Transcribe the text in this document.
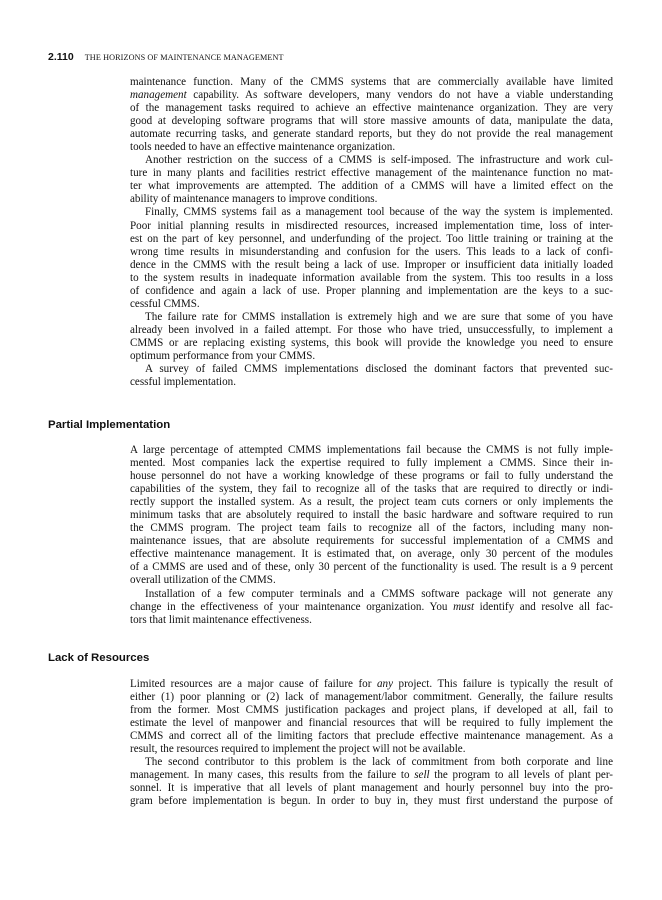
2.110 THE HORIZONS OF MAINTENANCE MANAGEMENT
maintenance function. Many of the CMMS systems that are commercially available have limited
management capability. As software developers, many vendors do not have a viable understanding
of the management tasks required to achieve an effective maintenance organization. They are very
good at developing software programs that will store massive amounts of data, manipulate the data,
automate recurring tasks, and generate standard reports, but they do not provide the real management
tools needed to have an effective maintenance organization.
Another restriction on the success of a CMMS is self-imposed. The infrastructure and work cul-
ture in many plants and facilities restrict effective management of the maintenance function no mat-
ter what improvements are attempted. The addition of a CMMS will have a limited effect on the
ability of maintenance managers to improve conditions.
Finally, CMMS systems fail as a management tool because of the way the system is implemented.
Poor initial planning results in misdirected resources, increased implementation time, loss of inter-
est on the part of key personnel, and underfunding of the project. Too little training or training at the
wrong time results in misunderstanding and confusion for the users. This leads to a lack of confi-
dence in the CMMS with the result being a lack of use. Improper or insufficient data initially loaded
to the system results in inadequate information available from the system. This too results in a loss
of confidence and again a lack of use. Proper planning and implementation are the keys to a suc-
cessful CMMS.
The failure rate for CMMS installation is extremely high and we are sure that some of you have
already been involved in a failed attempt. For those who have tried, unsuccessfully, to implement a
CMMS or are replacing existing systems, this book will provide the knowledge you need to ensure
optimum performance from your CMMS.
A survey of failed CMMS implementations disclosed the dominant factors that prevented suc-
cessful implementation.
Partial Implementation
A large percentage of attempted CMMS implementations fail because the CMMS is not fully imple-
mented. Most companies lack the expertise required to fully implement a CMMS. Since their in-
house personnel do not have a working knowledge of these programs or fail to fully understand the
capabilities of the system, they fail to recognize all of the tasks that are required to directly or indi-
rectly support the installed system. As a result, the project team cuts corners or only implements the
minimum tasks that are absolutely required to install the basic hardware and software required to run
the CMMS program. The project team fails to recognize all of the factors, including many non-
maintenance issues, that are absolute requirements for successful implementation of a CMMS and
effective maintenance management. It is estimated that, on average, only 30 percent of the modules
of a CMMS are used and of these, only 30 percent of the functionality is used. The result is a 9 percent
overall utilization of the CMMS.
Installation of a few computer terminals and a CMMS software package will not generate any
change in the effectiveness of your maintenance organization. You must identify and resolve all fac-
tors that limit maintenance effectiveness.
Lack of Resources
Limited resources are a major cause of failure for any project. This failure is typically the result of
either (1) poor planning or (2) lack of management/labor commitment. Generally, the failure results
from the former. Most CMMS justification packages and project plans, if developed at all, fail to
estimate the level of manpower and financial resources that will be required to fully implement the
CMMS and correct all of the limiting factors that preclude effective maintenance management. As a
result, the resources required to implement the project will not be available.
The second contributor to this problem is the lack of commitment from both corporate and line
management. In many cases, this results from the failure to sell the program to all levels of plant per-
sonnel. It is imperative that all levels of plant management and hourly personnel buy into the pro-
gram before implementation is begun. In order to buy in, they must first understand the purpose of
